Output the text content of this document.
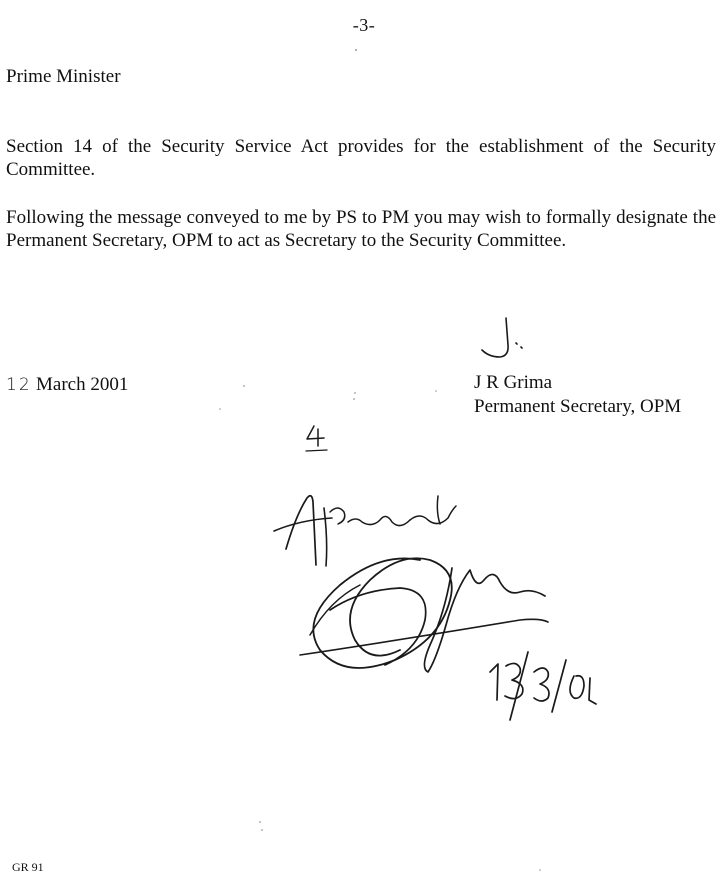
-3-
Prime Minister
Section 14 of the Security Service Act provides for the establishment of the Security Committee.
Following the message conveyed to me by PS to PM you may wish to formally designate the Permanent Secretary, OPM to act as Secretary to the Security Committee.
12 March 2001	J R Grima
Permanent Secretary, OPM
GR 91
